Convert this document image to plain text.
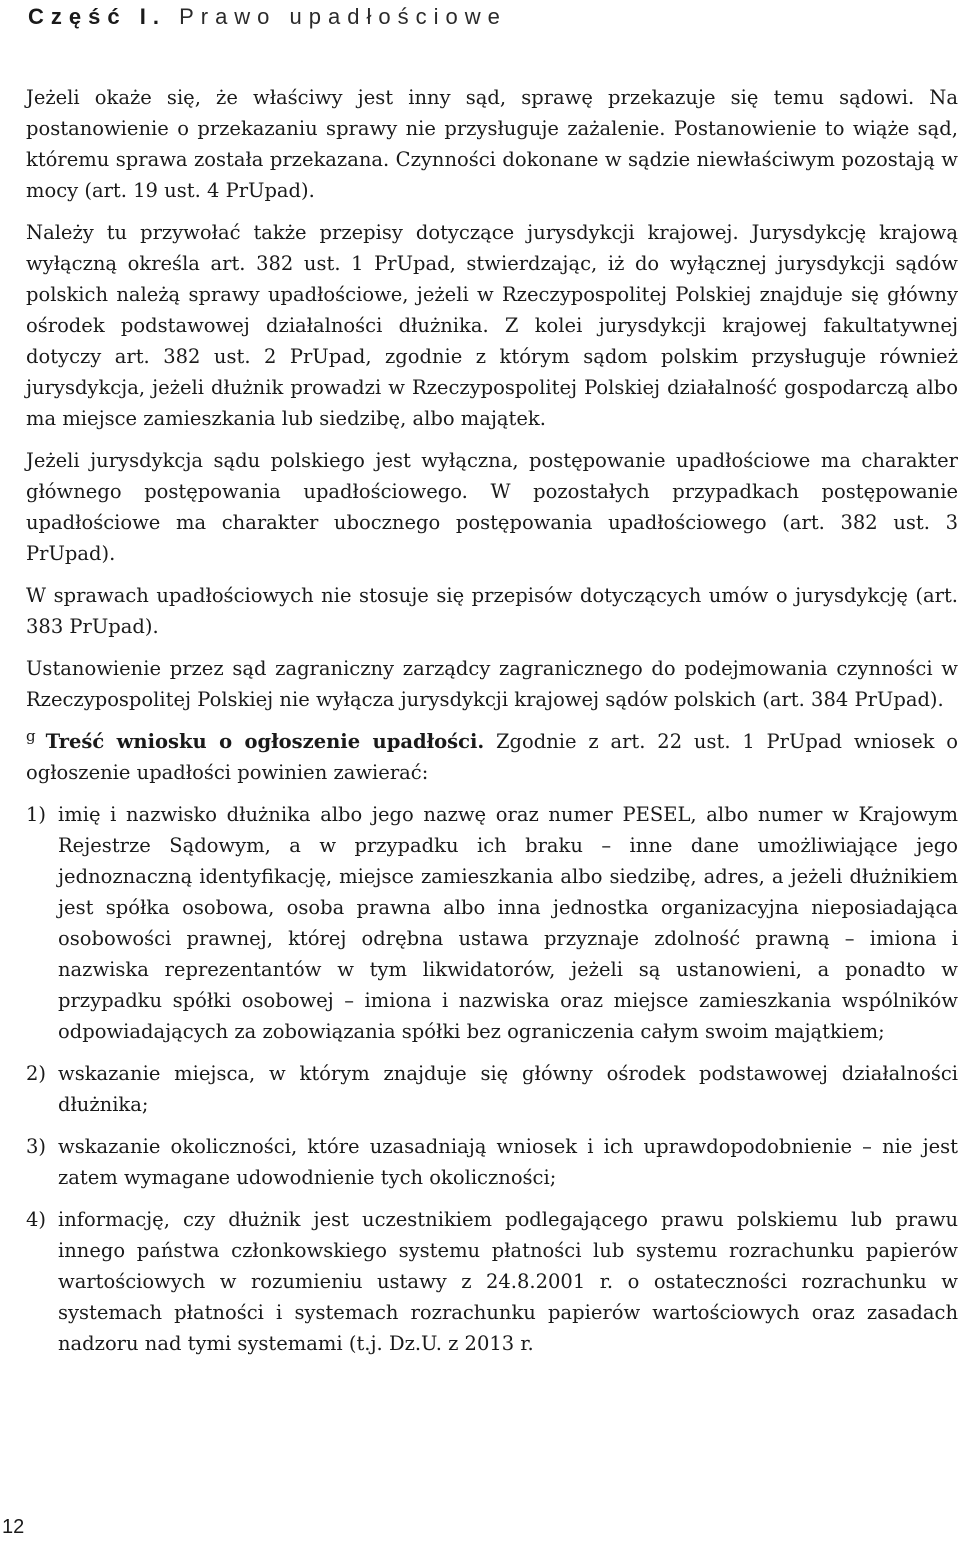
Część I. Prawo upadłościowe

Jeżeli okaże się, że właściwy jest inny sąd, sprawę przekazuje się temu sądowi. Na postanowienie o przekazaniu sprawy nie przysługuje zażalenie. Postanowienie to wiąże sąd, któremu sprawa została przekazana. Czynności dokonane w sądzie niewłaściwym pozostają w mocy (art. 19 ust. 4 PrUpad).

Należy tu przywołać także przepisy dotyczące jurysdykcji krajowej. Jurysdykcję krajową wyłączną określa art. 382 ust. 1 PrUpad, stwierdzając, iż do wyłącznej jurysdykcji sądów polskich należą sprawy upadłościowe, jeżeli w Rzeczypospolitej Polskiej znajduje się główny ośrodek podstawowej działalności dłużnika. Z kolei jurysdykcji krajowej fakultatywnej dotyczy art. 382 ust. 2 PrUpad, zgodnie z którym sądom polskim przysługuje również jurysdykcja, jeżeli dłużnik prowadzi w Rzeczypospolitej Polskiej działalność gospodarczą albo ma miejsce zamieszkania lub siedzibę, albo majątek.

Jeżeli jurysdykcja sądu polskiego jest wyłączna, postępowanie upadłościowe ma charakter głównego postępowania upadłościowego. W pozostałych przypadkach postępowanie upadłościowe ma charakter ubocznego postępowania upadłościowego (art. 382 ust. 3 PrUpad).

W sprawach upadłościowych nie stosuje się przepisów dotyczących umów o jurysdykcję (art. 383 PrUpad).

Ustanowienie przez sąd zagraniczny zarządcy zagranicznego do podejmowania czynności w Rzeczypospolitej Polskiej nie wyłącza jurysdykcji krajowej sądów polskich (art. 384 PrUpad).

$^g$ Treść wniosku o ogłoszenie upadłości. Zgodnie z art. 22 ust. 1 PrUpad wniosek o ogłoszenie upadłości powinien zawierać:

1) imię i nazwisko dłużnika albo jego nazwę oraz numer PESEL, albo numer w Krajowym Rejestrze Sądowym, a w przypadku ich braku – inne dane umożliwiające jego jednoznaczną identyfikację, miejsce zamieszkania albo siedzibę, adres, a jeżeli dłużnikiem jest spółka osobowa, osoba prawna albo inna jednostka organizacyjna nieposiadająca osobowości prawnej, której odrębna ustawa przyznaje zdolność prawną – imiona i nazwiska reprezentantów w tym likwidatorów, jeżeli są ustanowieni, a ponadto w przypadku spółki osobowej – imiona i nazwiska oraz miejsce zamieszkania wspólników odpowiadających za zobowiązania spółki bez ograniczenia całym swoim majątkiem;
2) wskazanie miejsca, w którym znajduje się główny ośrodek podstawowej działalności dłużnika;
3) wskazanie okoliczności, które uzasadniają wniosek i ich uprawdopodobnienie – nie jest zatem wymagane udowodnienie tych okoliczności;
4) informację, czy dłużnik jest uczestnikiem podlegającego prawu polskiemu lub prawu innego państwa członkowskiego systemu płatności lub systemu rozrachunku papierów wartościowych w rozumieniu ustawy z 24.8.2001 r. o ostateczności rozrachunku w systemach płatności i systemach rozrachunku papierów wartościowych oraz zasadach nadzoru nad tymi systemami (t.j. Dz.U. z 2013 r.
12
